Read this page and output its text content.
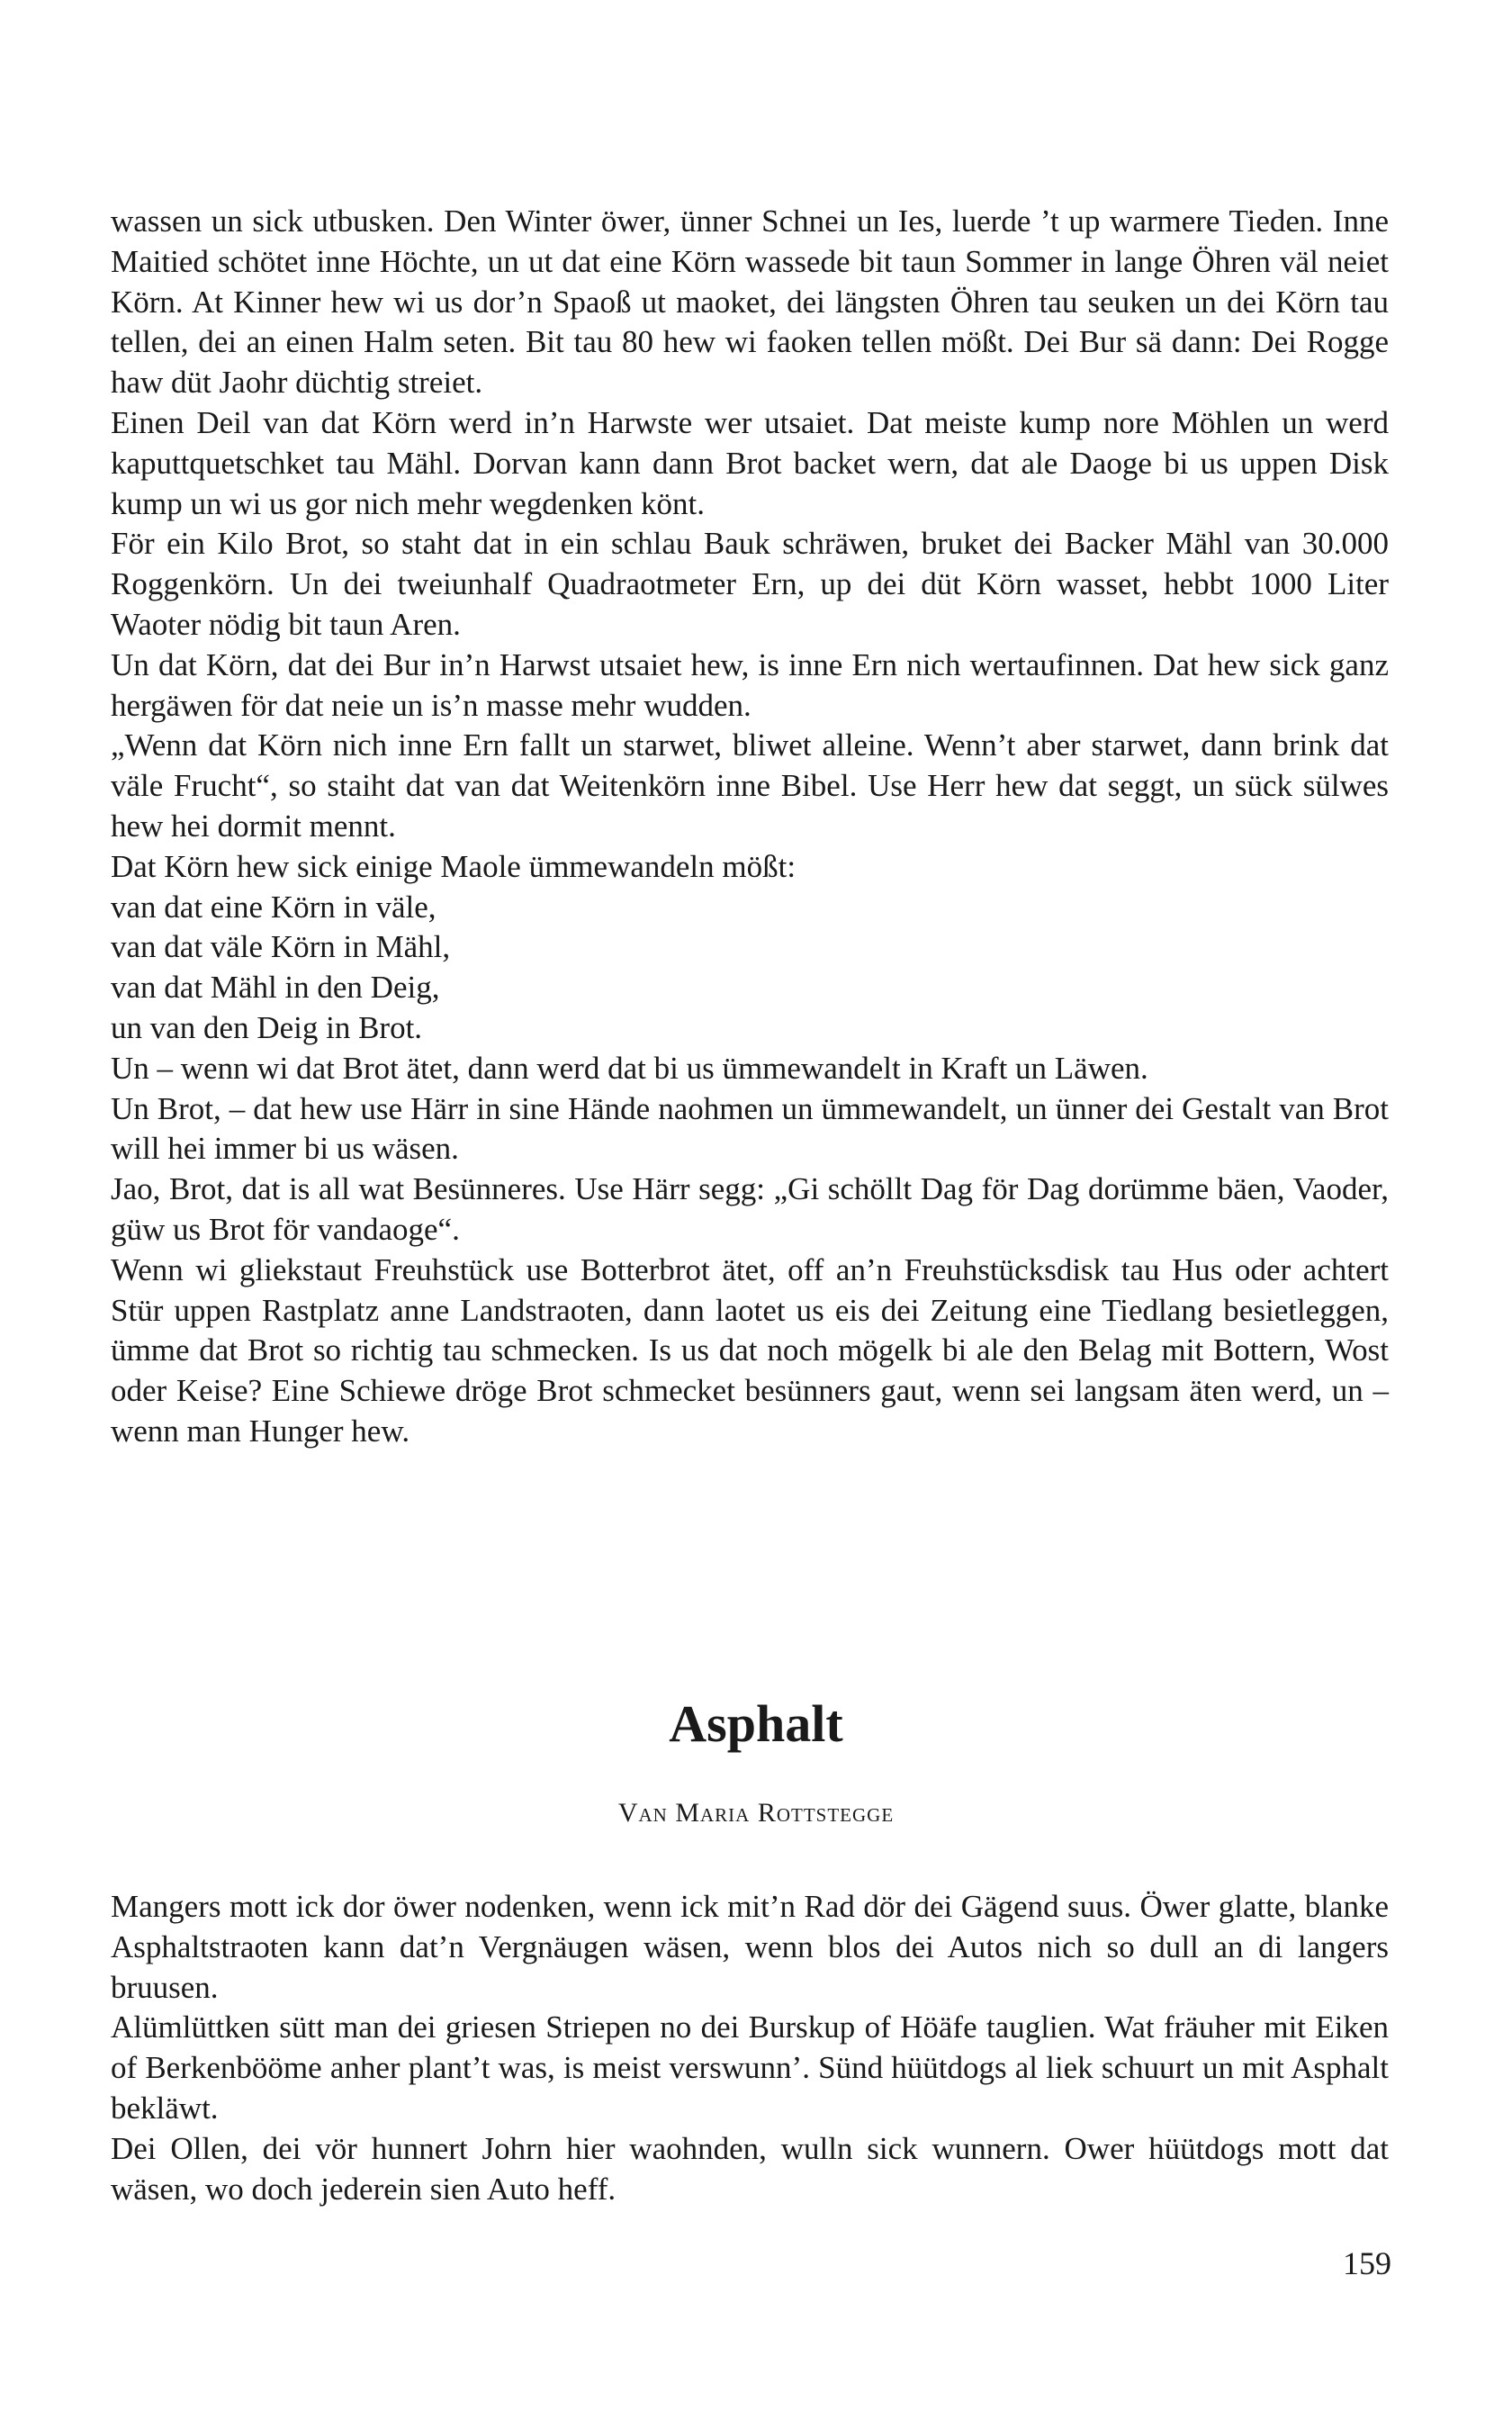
wassen un sick utbusken. Den Winter öwer, ünner Schnei un Ies, luerde ’t up warmere Tieden. Inne Maitied schötet inne Höchte, un ut dat eine Körn wassede bit taun Sommer in lange Öhren väl neiet Körn. At Kinner hew wi us dor’n Spaoß ut maoket, dei längsten Öhren tau seuken un dei Körn tau tellen, dei an einen Halm seten. Bit tau 80 hew wi faoken tellen mößt. Dei Bur sä dann: Dei Rogge haw düt Jaohr düchtig streiet.

Einen Deil van dat Körn werd in’n Harwste wer utsaiet. Dat meiste kump nore Möhlen un werd kaputtquetschket tau Mähl. Dorvan kann dann Brot backet wern, dat ale Daoge bi us uppen Disk kump un wi us gor nich mehr wegdenken könt.

För ein Kilo Brot, so staht dat in ein schlau Bauk schräwen, bruket dei Backer Mähl van 30.000 Roggenkörn. Un dei tweiunhalf Quadraotmeter Ern, up dei düt Körn wasset, hebbt 1000 Liter Waoter nödig bit taun Aren.

Un dat Körn, dat dei Bur in’n Harwst utsaiet hew, is inne Ern nich wertaufinnen. Dat hew sick ganz hergäwen för dat neie un is’n masse mehr wudden.

„Wenn dat Körn nich inne Ern fallt un starwet, bliwet alleine. Wenn’t aber starwet, dann brink dat väle Frucht“, so staiht dat van dat Weitenkörn inne Bibel. Use Herr hew dat seggt, un sück sülwes hew hei dormit mennt.

Dat Körn hew sick einige Maole ümmewandeln mößt:

van dat eine Körn in väle,

van dat väle Körn in Mähl,

van dat Mähl in den Deig,

un van den Deig in Brot.

Un – wenn wi dat Brot ätet, dann werd dat bi us ümmewandelt in Kraft un Läwen.

Un Brot, – dat hew use Härr in sine Hände naohmen un ümmewandelt, un ünner dei Gestalt van Brot will hei immer bi us wäsen.

Jao, Brot, dat is all wat Besünneres. Use Härr segg: „Gi schöllt Dag för Dag dorümme bäen, Vaoder, güw us Brot för vandaoge“.

Wenn wi gliekstaut Freuhstück use Botterbrot ätet, off an’n Freuhstücksdisk tau Hus oder achtert Stür uppen Rastplatz anne Landstraoten, dann laotet us eis dei Zeitung eine Tiedlang besietleggen, ümme dat Brot so richtig tau schmecken. Is us dat noch mögelk bi ale den Belag mit Bottern, Wost oder Keise? Eine Schiewe dröge Brot schmecket besünners gaut, wenn sei langsam äten werd, un – wenn man Hunger hew.

Asphalt

Van Maria Rottstegge

Mangers mott ick dor öwer nodenken, wenn ick mit’n Rad dör dei Gägend suus. Öwer glatte, blanke Asphaltstraoten kann dat’n Vergnäugen wäsen, wenn blos dei Autos nich so dull an di langers bruusen.

Alümlüttken sütt man dei griesen Striepen no dei Burskup of Höäfe tauglien. Wat fräuher mit Eiken of Berkenbööme anher plant’t was, is meist verswunn’. Sünd hüütdogs al liek schuurt un mit Asphalt bekläwt.

Dei Ollen, dei vör hunnert Johrn hier waohnden, wulln sick wunnern. Ower hüütdogs mott dat wäsen, wo doch jederein sien Auto heff.

159
